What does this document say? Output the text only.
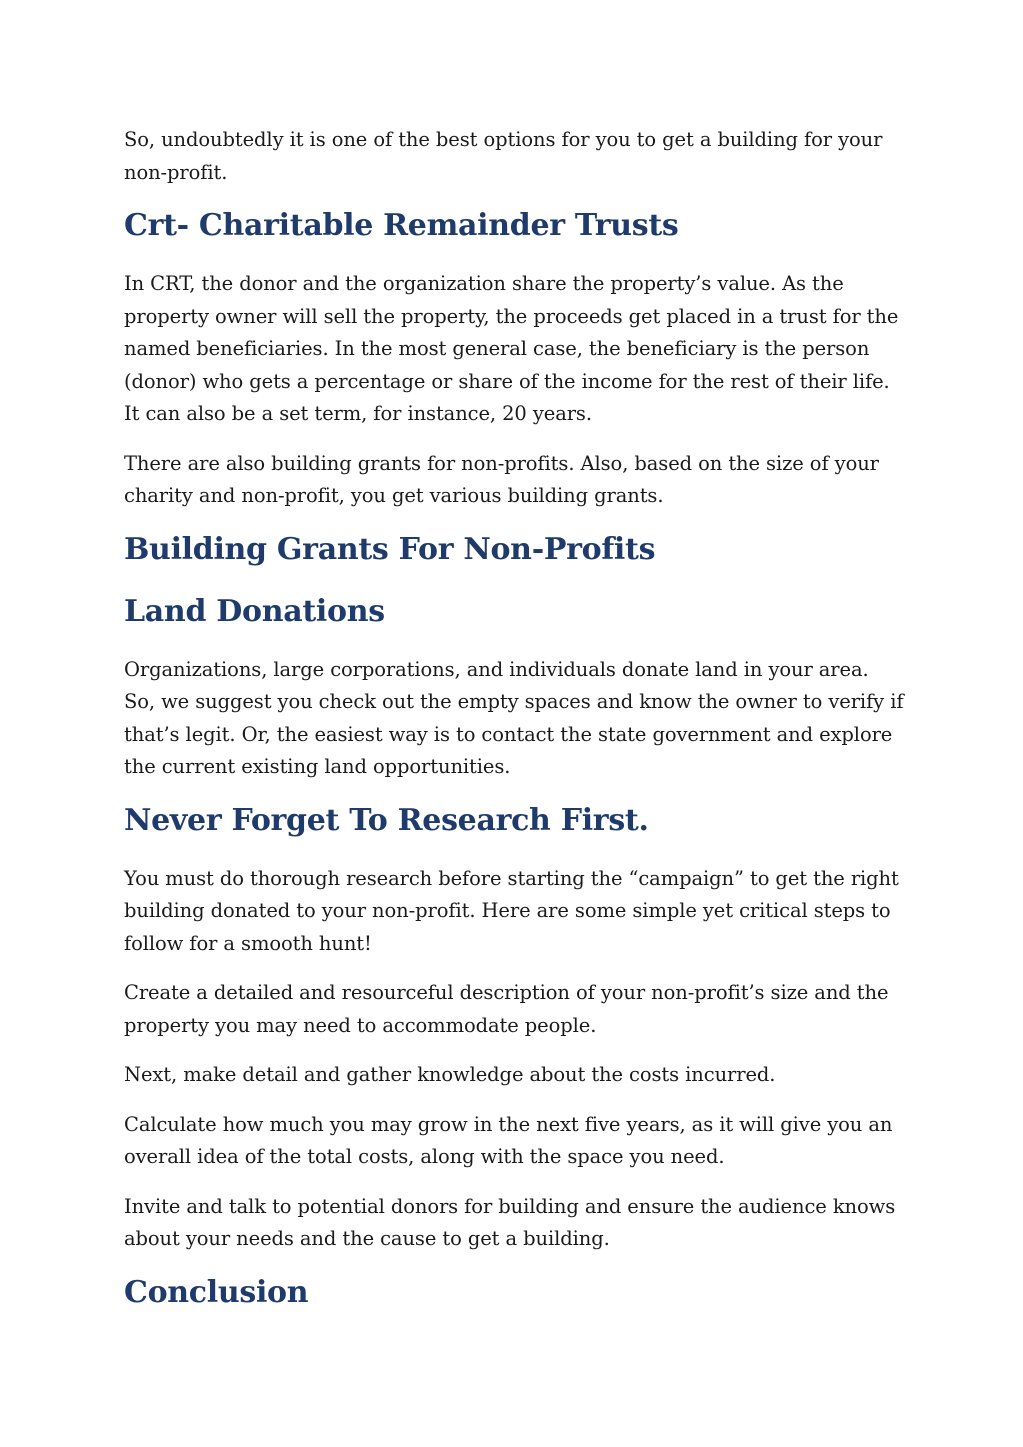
So, undoubtedly it is one of the best options for you to get a building for your non-profit.

Crt- Charitable Remainder Trusts

In CRT, the donor and the organization share the property’s value. As the property owner will sell the property, the proceeds get placed in a trust for the named beneficiaries. In the most general case, the beneficiary is the person (donor) who gets a percentage or share of the income for the rest of their life. It can also be a set term, for instance, 20 years.

There are also building grants for non-profits. Also, based on the size of your charity and non-profit, you get various building grants.

Building Grants For Non-Profits
Land Donations

Organizations, large corporations, and individuals donate land in your area. So, we suggest you check out the empty spaces and know the owner to verify if that’s legit. Or, the easiest way is to contact the state government and explore the current existing land opportunities.

Never Forget To Research First.

You must do thorough research before starting the “campaign” to get the right building donated to your non-profit. Here are some simple yet critical steps to follow for a smooth hunt!

Create a detailed and resourceful description of your non-profit’s size and the property you may need to accommodate people.

Next, make detail and gather knowledge about the costs incurred.

Calculate how much you may grow in the next five years, as it will give you an overall idea of the total costs, along with the space you need.

Invite and talk to potential donors for building and ensure the audience knows about your needs and the cause to get a building.

Conclusion
